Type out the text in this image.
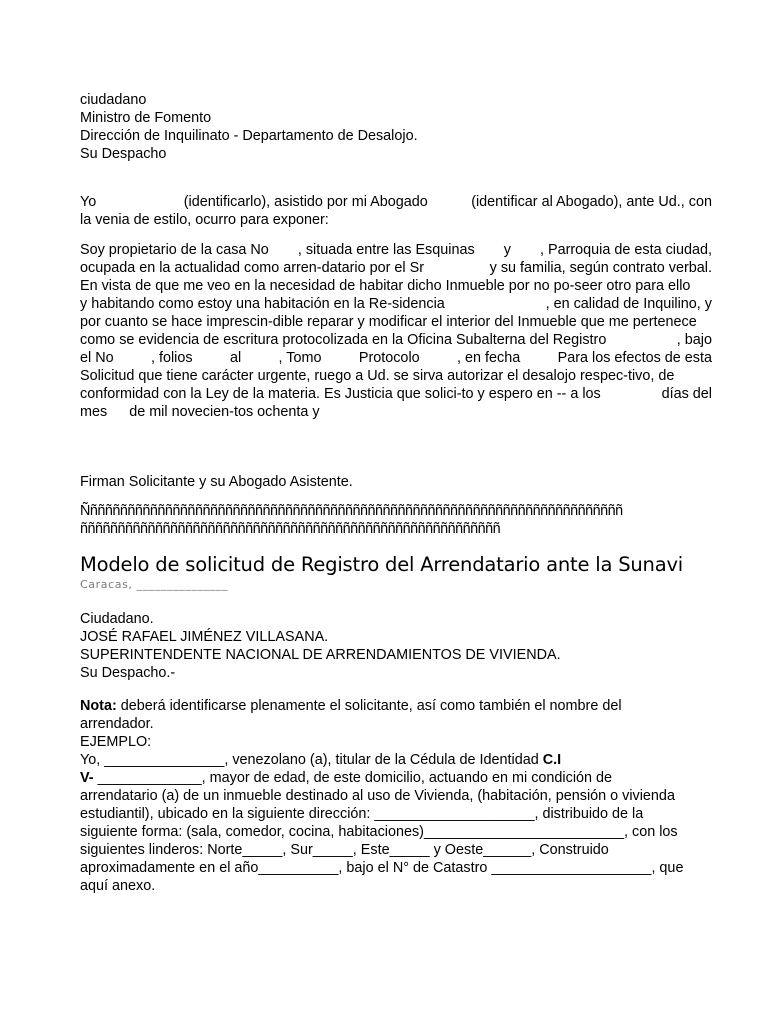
ciudadano
Ministro de Fomento
Dirección de Inquilinato - Departamento de Desalojo.
Su Despacho
Yo	(identificarlo), asistido por mi Abogado	(identificar al Abogado), ante Ud., con
la venia de estilo, ocurro para exponer:
Soy propietario de la casa No , situada entre las Esquinas y , Parroquia de esta ciudad,
ocupada en la actualidad como arren-datario por el Sr	y su familia, según contrato verbal.
En vista de que me veo en la necesidad de habitar dicho Inmueble por no po-seer otro para ello
y habitando como estoy una habitación en la Re-sidencia	, en calidad de Inquilino, y
por cuanto se hace imprescin-dible reparar y modificar el interior del Inmueble que me pertenece
como se evidencia de escritura protocolizada en la Oficina Subalterna del Registro	, bajo
el No	, folios	al	, Tomo	Protocolo	, en fecha	Para los efectos de esta
Solicitud que tiene carácter urgente, ruego a Ud. se sirva autorizar el desalojo respec-tivo, de
conformidad con la Ley de la materia. Es Justicia que solici-to y espero en -- a los	días del
mes de mil novecien-tos ochenta y
Firman Solicitante y su Abogado Asistente.
Ññññññññññññññññññññññññññññññññññññññññññññññññññññññññññññññññññññññññ
ññññññññññññññññññññññññññññññññññññññññññññññññññññññññ
Modelo de solicitud de Registro del Arrendatario ante la Sunavi
Caracas, _______________
Ciudadano.
JOSÉ RAFAEL JIMÉNEZ VILLASANA.
SUPERINTENDENTE NACIONAL DE ARRENDAMIENTOS DE VIVIENDA.
Su Despacho.-
Nota: deberá identificarse plenamente el solicitante, así como también el nombre del
arrendador.
EJEMPLO:
Yo, _______________, venezolano (a), titular de la Cédula de Identidad C.I
V- _____________, mayor de edad, de este domicilio, actuando en mi condición de
arrendatario (a) de un inmueble destinado al uso de Vivienda, (habitación, pensión o vivienda
estudiantil), ubicado en la siguiente dirección: ____________________, distribuido de la
siguiente forma: (sala, comedor, cocina, habitaciones)_________________________, con los
siguientes linderos: Norte_____, Sur_____, Este_____ y Oeste______, Construido
aproximadamente en el año__________, bajo el N° de Catastro ____________________, que
aquí anexo.
